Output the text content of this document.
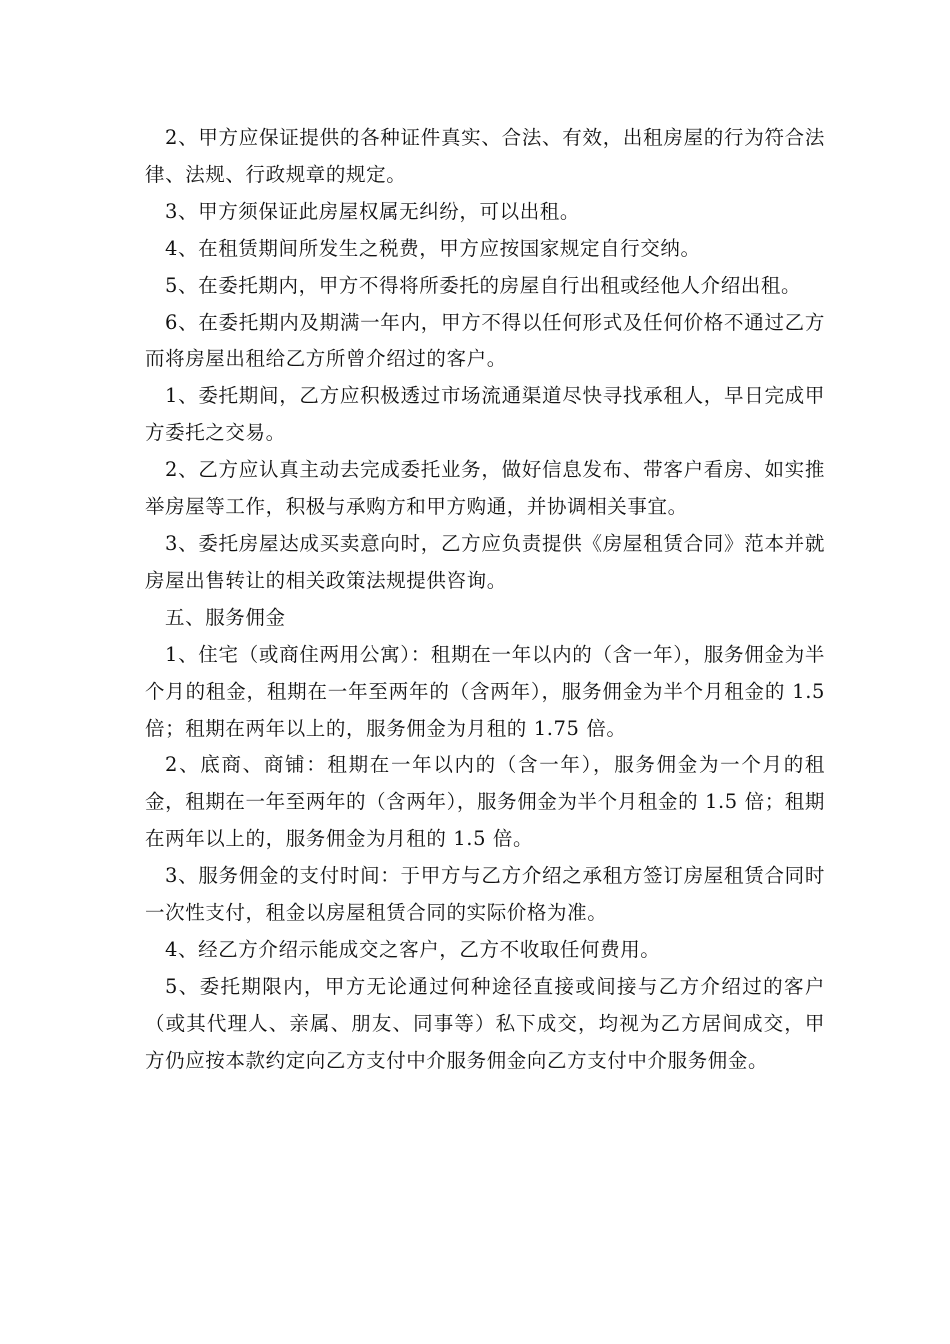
2、甲方应保证提供的各种证件真实、合法、有效，出租房屋的行为符合法律、法规、行政规章的规定。

3、甲方须保证此房屋权属无纠纷，可以出租。

4、在租赁期间所发生之税费，甲方应按国家规定自行交纳。

5、在委托期内，甲方不得将所委托的房屋自行出租或经他人介绍出租。

6、在委托期内及期满一年内，甲方不得以任何形式及任何价格不通过乙方而将房屋出租给乙方所曾介绍过的客户。

1、委托期间，乙方应积极透过市场流通渠道尽快寻找承租人，早日完成甲方委托之交易。

2、乙方应认真主动去完成委托业务，做好信息发布、带客户看房、如实推举房屋等工作，积极与承购方和甲方购通，并协调相关事宜。

3、委托房屋达成买卖意向时，乙方应负责提供《房屋租赁合同》范本并就房屋出售转让的相关政策法规提供咨询。

五、服务佣金

1、住宅（或商住两用公寓）：租期在一年以内的（含一年），服务佣金为半个月的租金，租期在一年至两年的（含两年），服务佣金为半个月租金的 1.5 倍；租期在两年以上的，服务佣金为月租的 1.75 倍。

2、底商、商铺：租期在一年以内的（含一年），服务佣金为一个月的租金，租期在一年至两年的（含两年），服务佣金为半个月租金的 1.5 倍；租期在两年以上的，服务佣金为月租的 1.5 倍。

3、服务佣金的支付时间：于甲方与乙方介绍之承租方签订房屋租赁合同时一次性支付，租金以房屋租赁合同的实际价格为准。

4、经乙方介绍示能成交之客户，乙方不收取任何费用。

5、委托期限内，甲方无论通过何种途径直接或间接与乙方介绍过的客户（或其代理人、亲属、朋友、同事等）私下成交，均视为乙方居间成交，甲方仍应按本款约定向乙方支付中介服务佣金向乙方支付中介服务佣金。
